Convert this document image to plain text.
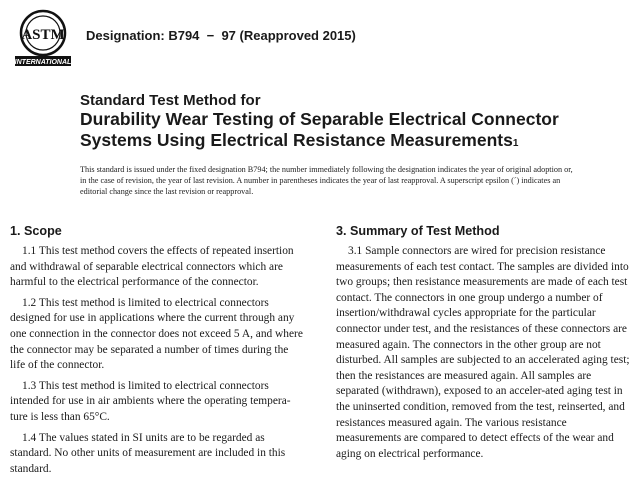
ASTM
INTERNATIONAL
Designation: B794  −  97 (Reapproved 2015)
Standard Test Method for
Durability Wear Testing of Separable Electrical Connector
Systems Using Electrical Resistance Measurements1
This standard is issued under the fixed designation B794; the number immediately following the designation indicates the year of original adoption or, in the case of revision, the year of last revision. A number in parentheses indicates the year of last reapproval. A superscript epsilon (´) indicates an editorial change since the last revision or reapproval.
1. Scope

1.1 This test method covers the effects of repeated insertion and withdrawal of separable electrical connectors which are harmful to the electrical performance of the connector.

1.2 This test method is limited to electrical connectors designed for use in applications where the current through any one connection in the connector does not exceed 5 A, and where the connector may be separated a number of times during the life of the connector.

1.3 This test method is limited to electrical connectors intended for use in air ambients where the operating tempera-ture is less than 65°C.

1.4 The values stated in SI units are to be regarded as standard. No other units of measurement are included in this standard.

3. Summary of Test Method

3.1 Sample connectors are wired for precision resistance measurements of each test contact. The samples are divided into two groups; then resistance measurements are made of each test contact. The connectors in one group undergo a number of insertion/withdrawal cycles appropriate for the particular connector under test, and the resistances of these connectors are measured again. The connectors in the other group are not disturbed. All samples are subjected to an accelerated aging test; then the resistances are measured again. All samples are separated (withdrawn), exposed to an acceler-ated aging test in the uninserted condition, removed from the test, reinserted, and resistances measured again. The various resistance measurements are compared to detect effects of the wear and aging on electrical performance.
